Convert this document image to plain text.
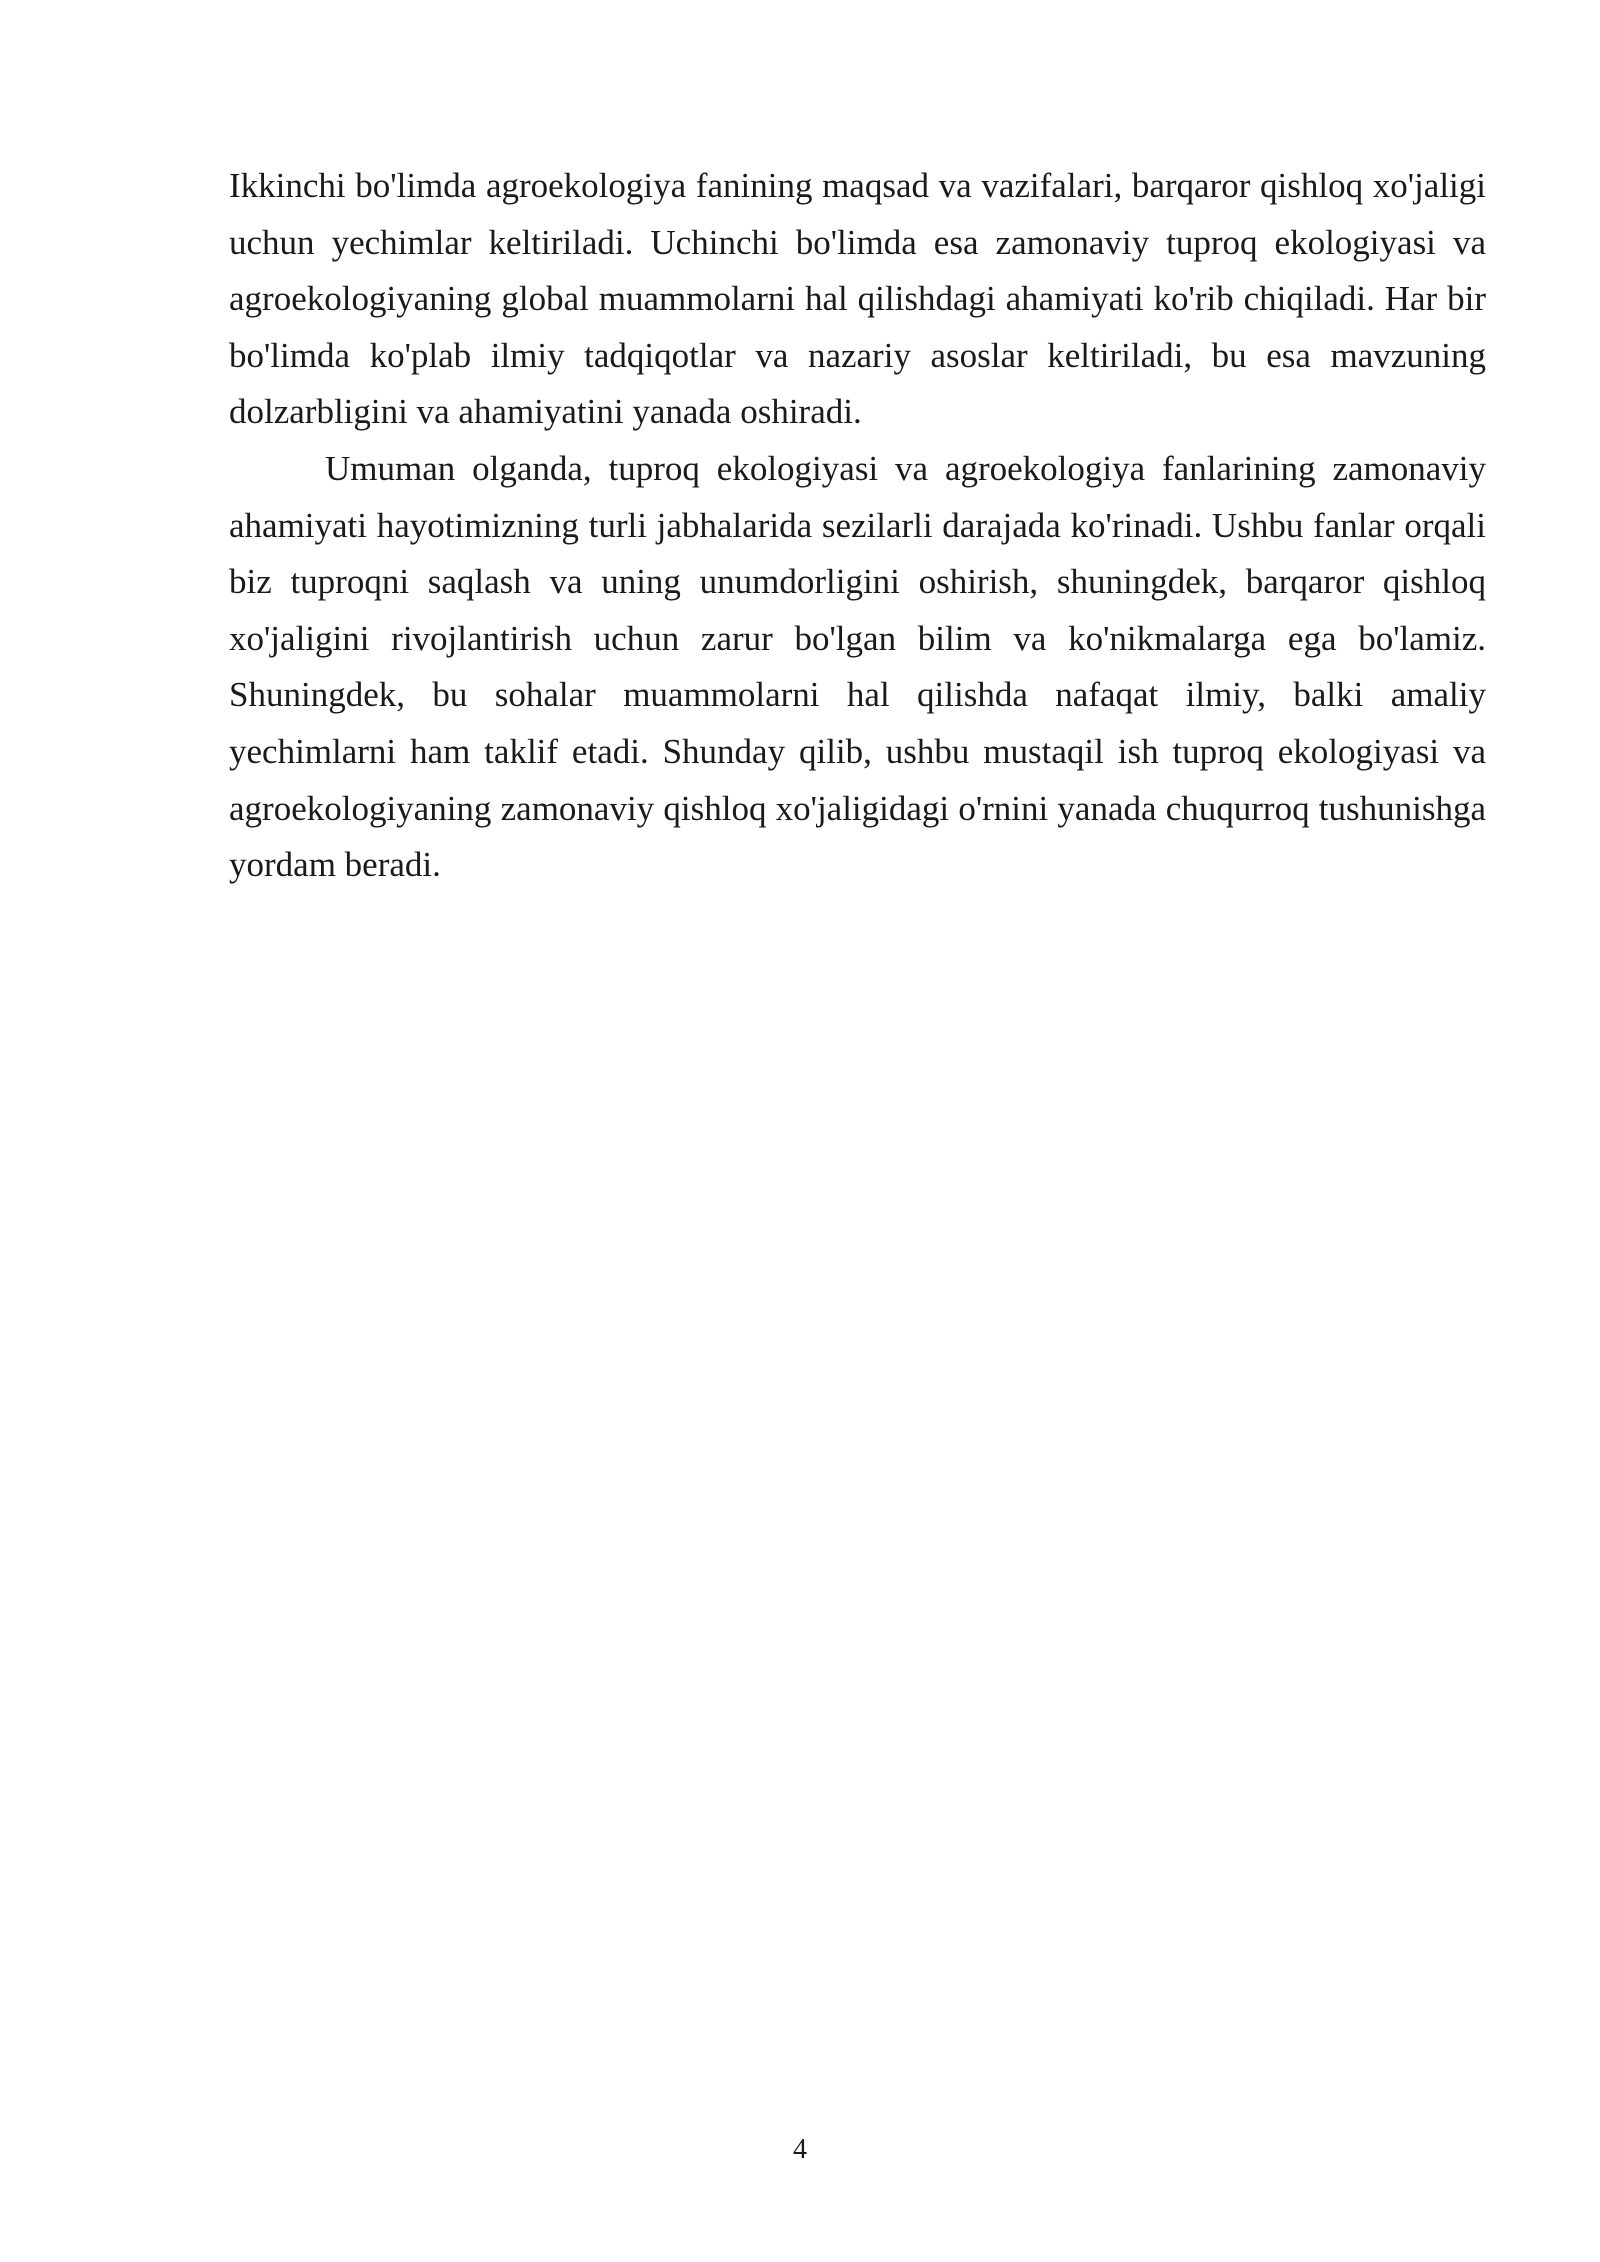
Ikkinchi bo'limda agroekologiya fanining maqsad va vazifalari, barqaror qishloq xo'jaligi uchun yechimlar keltiriladi. Uchinchi bo'limda esa zamonaviy tuproq ekologiyasi va agroekologiyaning global muammolarni hal qilishdagi ahamiyati ko'rib chiqiladi. Har bir bo'limda ko'plab ilmiy tadqiqotlar va nazariy asoslar keltiriladi, bu esa mavzuning dolzarbligini va ahamiyatini yanada oshiradi.

Umuman olganda, tuproq ekologiyasi va agroekologiya fanlarining zamonaviy ahamiyati hayotimizning turli jabhalarida sezilarli darajada ko'rinadi. Ushbu fanlar orqali biz tuproqni saqlash va uning unumdorligini oshirish, shuningdek, barqaror qishloq xo'jaligini rivojlantirish uchun zarur bo'lgan bilim va ko'nikmalarga ega bo'lamiz. Shuningdek, bu sohalar muammolarni hal qilishda nafaqat ilmiy, balki amaliy yechimlarni ham taklif etadi. Shunday qilib, ushbu mustaqil ish tuproq ekologiyasi va agroekologiyaning zamonaviy qishloq xo'jaligidagi o'rnini yanada chuqurroq tushunishga yordam beradi.

4
